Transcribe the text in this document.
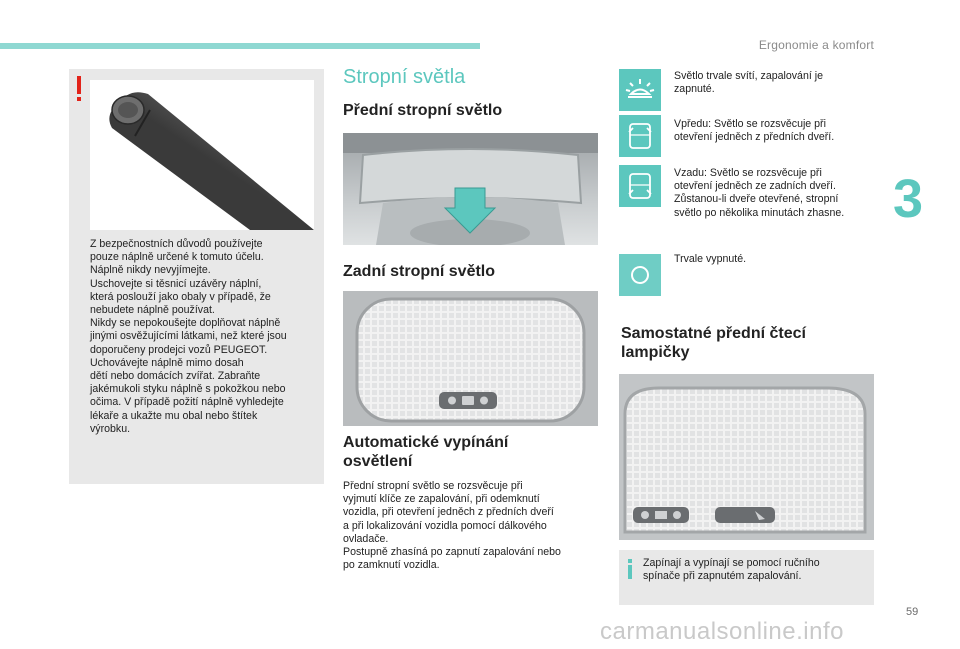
Ergonomie a komfort
3
59
carmanualsonline.info

Z bezpečnostních důvodů používejte

pouze náplně určené k tomuto účelu.

Náplně nikdy nevyjímejte.

Uschovejte si těsnicí uzávěry náplní,

která poslouží jako obaly v případě, že

nebudete náplně používat.

Nikdy se nepokoušejte doplňovat náplně

jinými osvěžujícími látkami, než které jsou

doporučeny prodejci vozů PEUGEOT.

Uchovávejte náplně mimo dosah

dětí nebo domácích zvířat. Zabraňte

jakémukoli styku náplně s pokožkou nebo

očima. V případě požití náplně vyhledejte

lékaře a ukažte mu obal nebo štítek

výrobku.

Stropní světla
Přední stropní světlo
Zadní stropní světlo
Automatické vypínání
osvětlení

Přední stropní světlo se rozsvěcuje při

vyjmutí klíče ze zapalování, při odemknutí

vozidla, při otevření jedněch z předních dveří

a při lokalizování vozidla pomocí dálkového

ovladače.

Postupně zhasíná po zapnutí zapalování nebo

po zamknutí vozidla.

Světlo trvale svítí, zapalování je
zapnuté.
Vpředu: Světlo se rozsvěcuje při
otevření jedněch z předních dveří.
Vzadu: Světlo se rozsvěcuje při
otevření jedněch ze zadních dveří.
Zůstanou-li dveře otevřené, stropní
světlo po několika minutách zhasne.
Trvale vypnuté.
Samostatné přední čtecí
lampičky
Zapínají a vypínají se pomocí ručního
spínače při zapnutém zapalování.
